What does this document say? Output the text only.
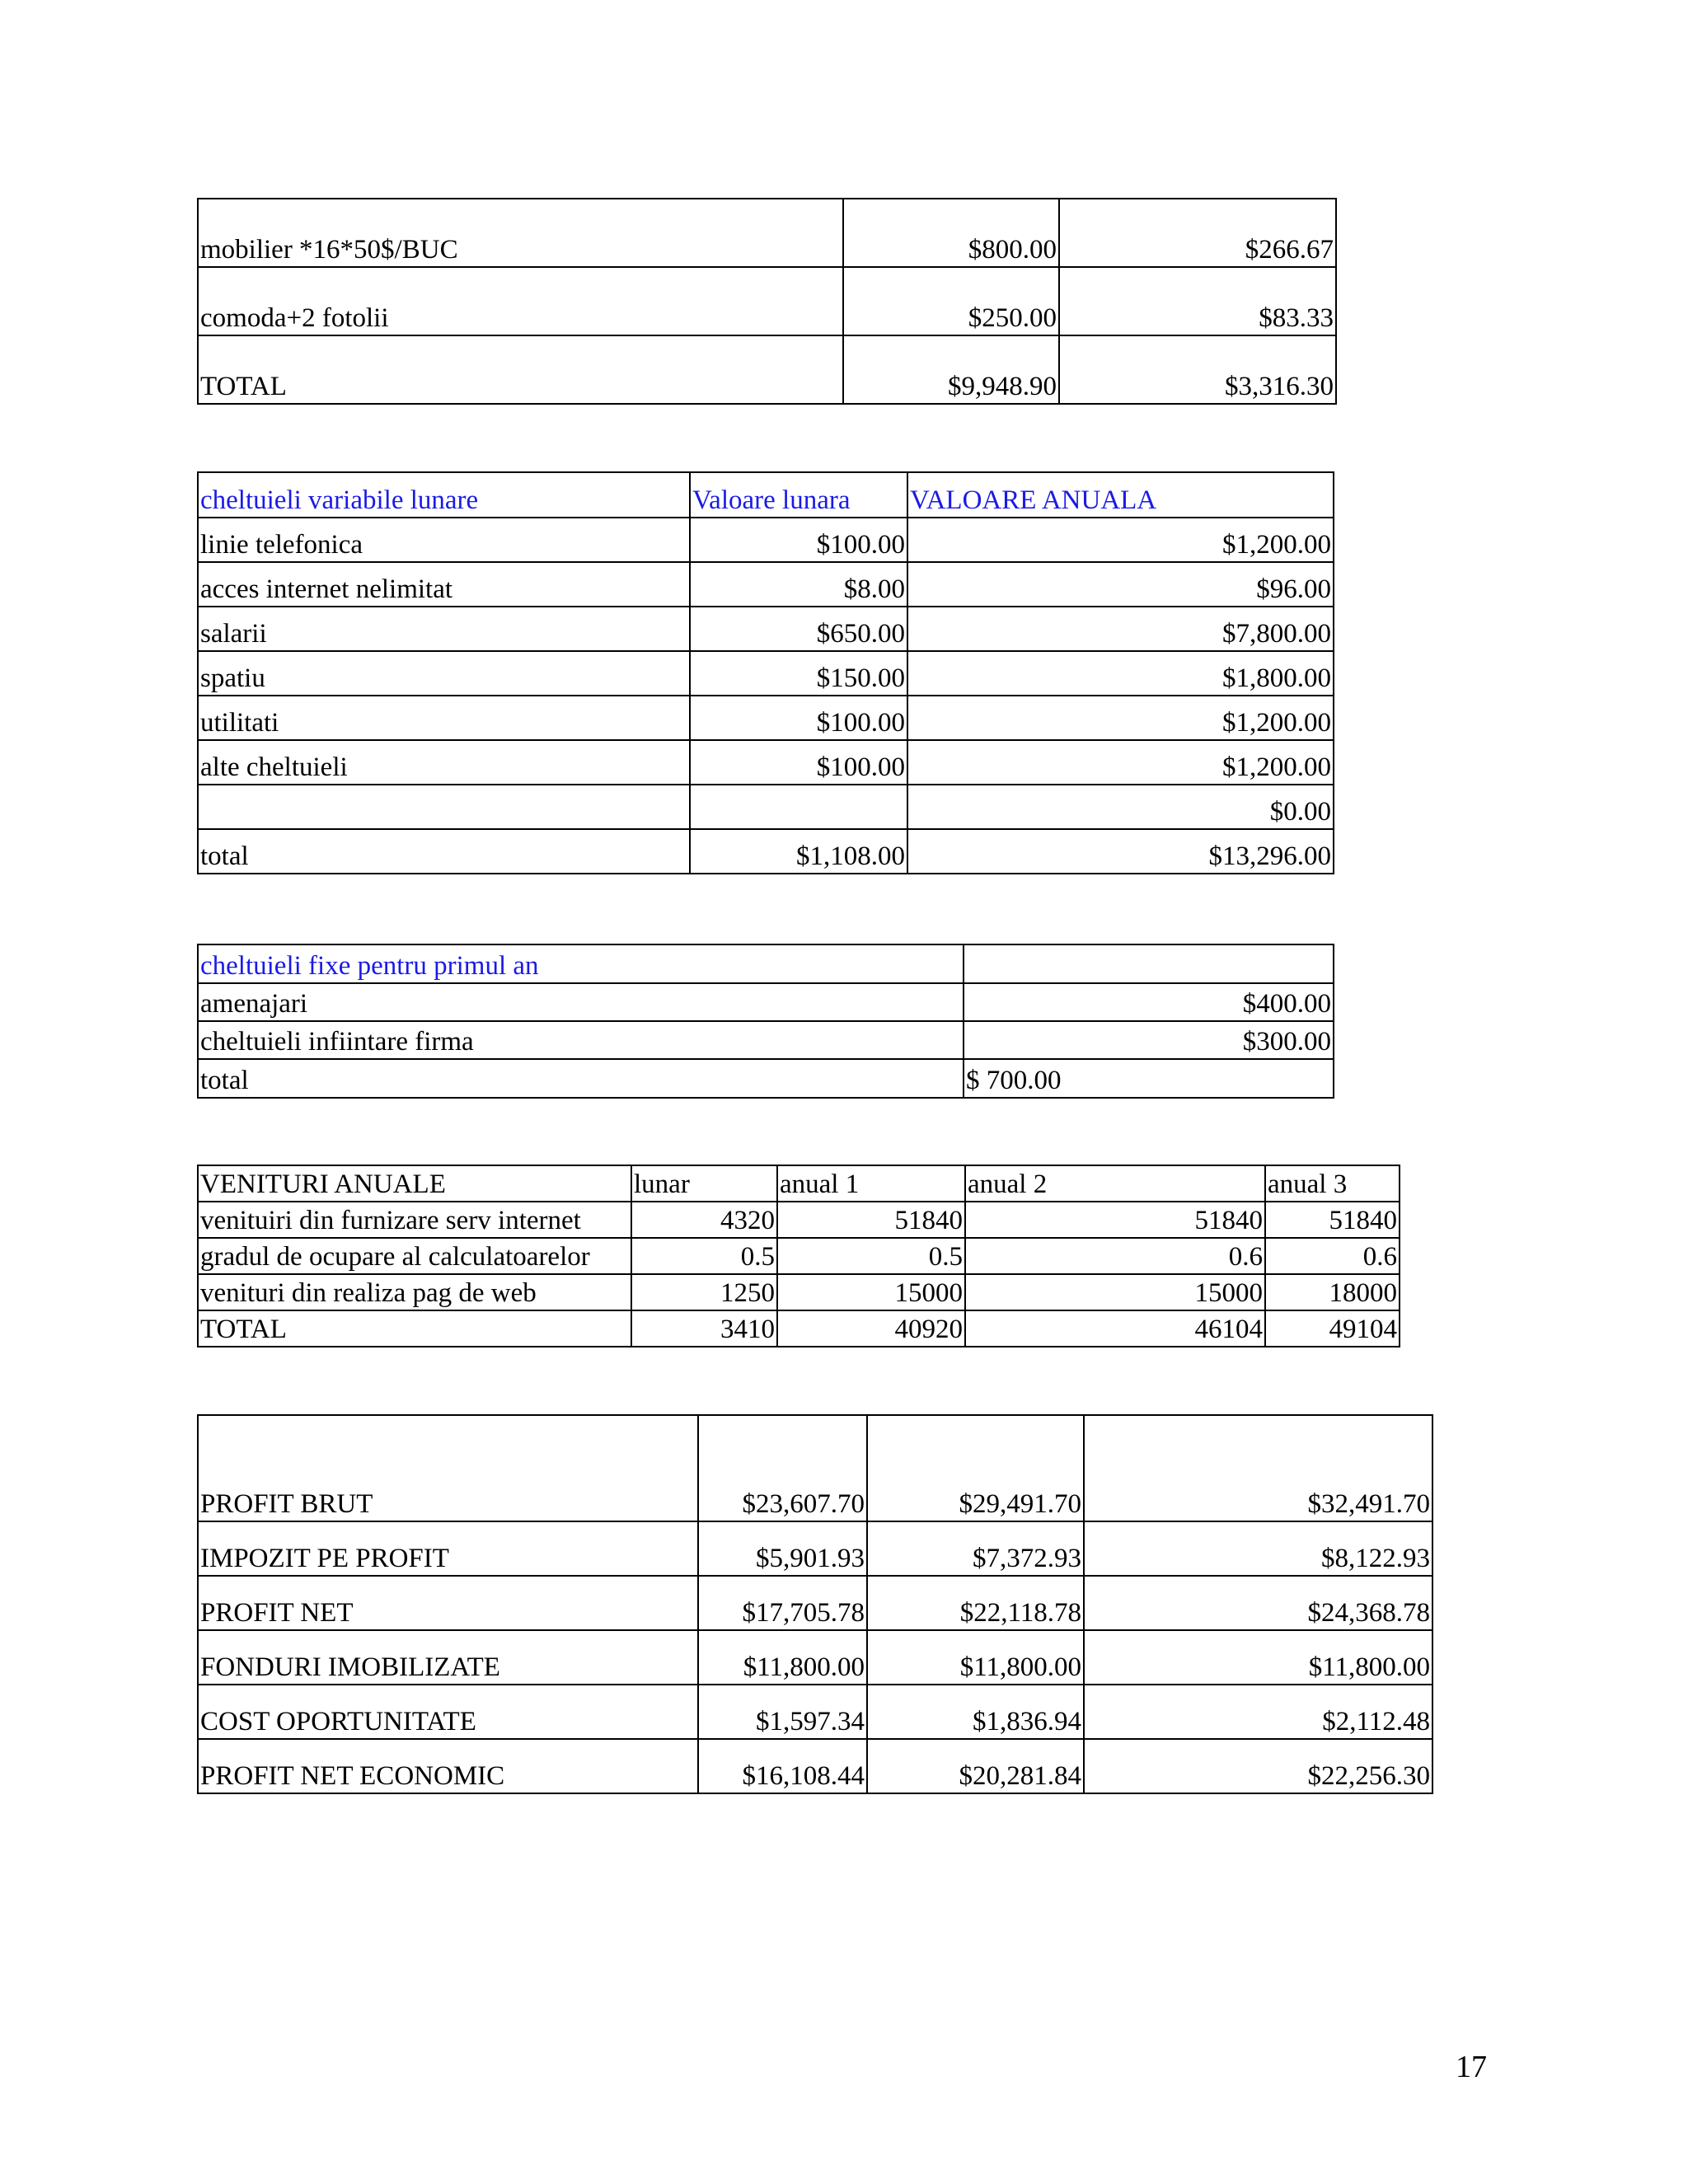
mobilier *16*50$/BUC	$800.00	$266.67
comoda+2 fotolii	$250.00	$83.33
TOTAL	$9,948.90	$3,316.30
cheltuieli variabile lunare	Valoare lunara	VALOARE ANUALA
linie telefonica	$100.00	$1,200.00
acces internet nelimitat	$8.00	$96.00
salarii	$650.00	$7,800.00
spatiu	$150.00	$1,800.00
utilitati	$100.00	$1,200.00
alte cheltuieli	$100.00	$1,200.00
		$0.00
total	$1,108.00	$13,296.00
cheltuieli fixe pentru primul an	
amenajari	$400.00
cheltuieli infiintare firma	$300.00
total	$ 700.00
VENITURI ANUALE	lunar	anual 1	anual 2	anual 3
venituiri din furnizare serv internet	4320	51840	51840	51840
gradul de ocupare al calculatoarelor	0.5	0.5	0.6	0.6
venituri din realiza pag de web	1250	15000	15000	18000
TOTAL	3410	40920	46104	49104
PROFIT BRUT	$23,607.70	$29,491.70	$32,491.70
IMPOZIT PE PROFIT	$5,901.93	$7,372.93	$8,122.93
PROFIT NET	$17,705.78	$22,118.78	$24,368.78
FONDURI IMOBILIZATE	$11,800.00	$11,800.00	$11,800.00
COST OPORTUNITATE	$1,597.34	$1,836.94	$2,112.48
PROFIT NET ECONOMIC	$16,108.44	$20,281.84	$22,256.30
17
